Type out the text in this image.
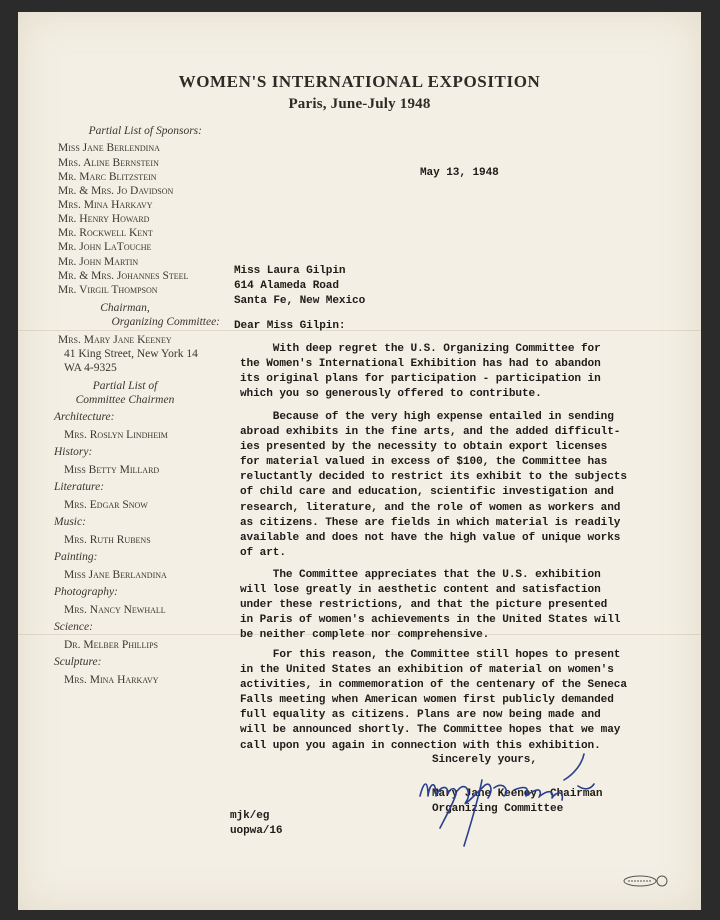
WOMEN'S INTERNATIONAL EXPOSITION
Paris, June-July 1948
Partial List of Sponsors:
Miss Jane Berlendina
Mrs. Aline Bernstein
Mr. Marc Blitzstein
Mr. & Mrs. Jo Davidson
Mrs. Mina Harkavy
Mr. Henry Howard
Mr. Rockwell Kent
Mr. John LaTouche
Mr. John Martin
Mr. & Mrs. Johannes Steel
Mr. Virgil Thompson
Chairman,
Organizing Committee:
Mrs. Mary Jane Keeney
41 King Street, New York 14
WA 4-9325
Partial List of
Committee Chairmen
Architecture:
Mrs. Roslyn Lindheim
History:
Miss Betty Millard
Literature:
Mrs. Edgar Snow
Music:
Mrs. Ruth Rubens
Painting:
Miss Jane Berlandina
Photography:
Mrs. Nancy Newhall
Science:
Dr. Melber Phillips
Sculpture:
Mrs. Mina Harkavy
May 13, 1948
Miss Laura Gilpin
614 Alameda Road
Santa Fe, New Mexico
Dear Miss Gilpin:
With deep regret the U.S. Organizing Committee for
the Women's International Exhibition has had to abandon
its original plans for participation - participation in
which you so generously offered to contribute.
Because of the very high expense entailed in sending
abroad exhibits in the fine arts, and the added difficult-
ies presented by the necessity to obtain export licenses
for material valued in excess of $100, the Committee has
reluctantly decided to restrict its exhibit to the subjects
of child care and education, scientific investigation and
research, literature, and the role of women as workers and
as citizens. These are fields in which material is readily
available and does not have the high value of unique works
of art.
The Committee appreciates that the U.S. exhibition
will lose greatly in aesthetic content and satisfaction
under these restrictions, and that the picture presented
in Paris of women's achievements in the United States will
be neither complete nor comprehensive.
For this reason, the Committee still hopes to present
in the United States an exhibition of material on women's
activities, in commemoration of the centenary of the Seneca
Falls meeting when American women first publicly demanded
full equality as citizens. Plans are now being made and
will be announced shortly. The Committee hopes that we may
call upon you again in connection with this exhibition.
Sincerely yours,
Mary Jane Keeney, Chairman
Organizing Committee
mjk/eg
uopwa/16
